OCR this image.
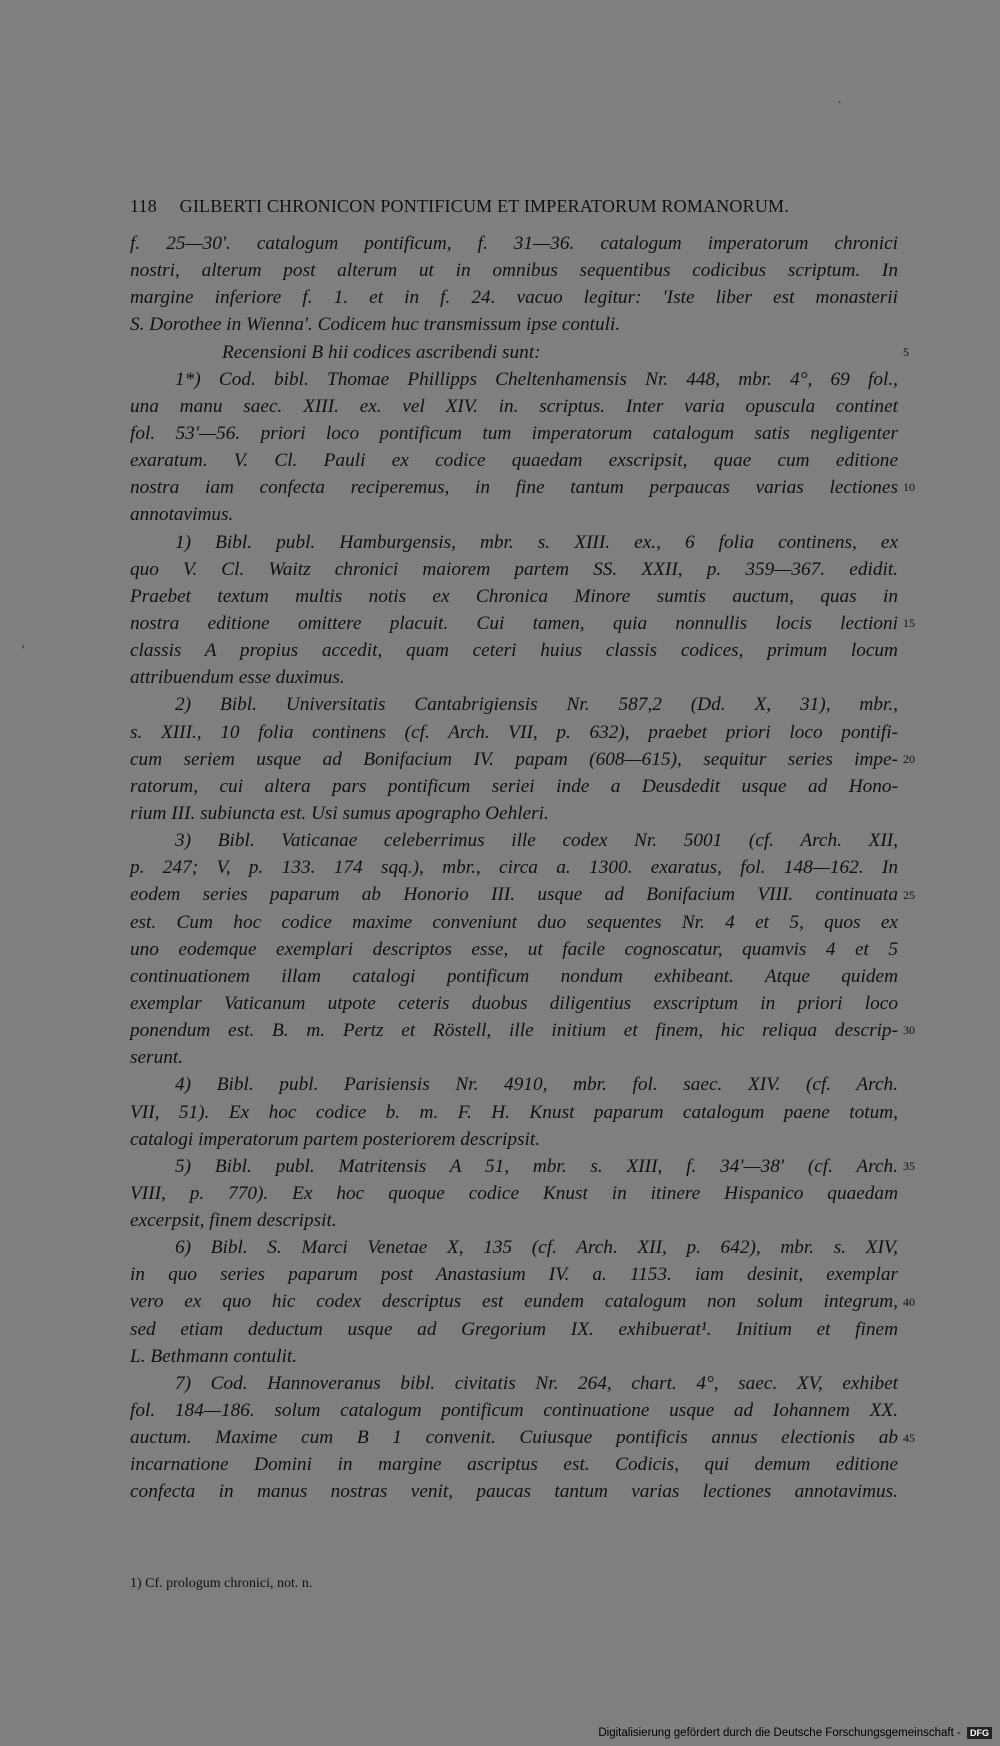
·
'
118 GILBERTI CHRONICON PONTIFICUM ET IMPERATORUM ROMANORUM.
f. 25—30'. catalogum pontificum, f. 31—36. catalogum imperatorum chronici
nostri, alterum post alterum ut in omnibus sequentibus codicibus scriptum. In
margine inferiore f. 1. et in f. 24. vacuo legitur: 'Iste liber est monasterii
S. Dorothee in Wienna'. Codicem huc transmissum ipse contuli.
Recensioni B hii codices ascribendi sunt:
1*) Cod. bibl. Thomae Phillipps Cheltenhamensis Nr. 448, mbr. 4°, 69 fol.,
una manu saec. XIII. ex. vel XIV. in. scriptus. Inter varia opuscula continet
fol. 53'—56. priori loco pontificum tum imperatorum catalogum satis negligenter
exaratum. V. Cl. Pauli ex codice quaedam exscripsit, quae cum editione
nostra iam confecta reciperemus, in fine tantum perpaucas varias lectiones
annotavimus.
1) Bibl. publ. Hamburgensis, mbr. s. XIII. ex., 6 folia continens, ex
quo V. Cl. Waitz chronici maiorem partem SS. XXII, p. 359—367. edidit.
Praebet textum multis notis ex Chronica Minore sumtis auctum, quas in
nostra editione omittere placuit. Cui tamen, quia nonnullis locis lectioni
classis A propius accedit, quam ceteri huius classis codices, primum locum
attribuendum esse duximus.
2) Bibl. Universitatis Cantabrigiensis Nr. 587,2 (Dd. X, 31), mbr.,
s. XIII., 10 folia continens (cf. Arch. VII, p. 632), praebet priori loco pontifi-
cum seriem usque ad Bonifacium IV. papam (608—615), sequitur series impe-
ratorum, cui altera pars pontificum seriei inde a Deusdedit usque ad Hono-
rium III. subiuncta est. Usi sumus apographo Oehleri.
3) Bibl. Vaticanae celeberrimus ille codex Nr. 5001 (cf. Arch. XII,
p. 247; V, p. 133. 174 sqq.), mbr., circa a. 1300. exaratus, fol. 148—162. In
eodem series paparum ab Honorio III. usque ad Bonifacium VIII. continuata
est. Cum hoc codice maxime conveniunt duo sequentes Nr. 4 et 5, quos ex
uno eodemque exemplari descriptos esse, ut facile cognoscatur, quamvis 4 et 5
continuationem illam catalogi pontificum nondum exhibeant. Atque quidem
exemplar Vaticanum utpote ceteris duobus diligentius exscriptum in priori loco
ponendum est. B. m. Pertz et Röstell, ille initium et finem, hic reliqua descrip-
serunt.
4) Bibl. publ. Parisiensis Nr. 4910, mbr. fol. saec. XIV. (cf. Arch.
VII, 51). Ex hoc codice b. m. F. H. Knust paparum catalogum paene totum,
catalogi imperatorum partem posteriorem descripsit.
5) Bibl. publ. Matritensis A 51, mbr. s. XIII, f. 34'—38' (cf. Arch.
VIII, p. 770). Ex hoc quoque codice Knust in itinere Hispanico quaedam
excerpsit, finem descripsit.
6) Bibl. S. Marci Venetae X, 135 (cf. Arch. XII, p. 642), mbr. s. XIV,
in quo series paparum post Anastasium IV. a. 1153. iam desinit, exemplar
vero ex quo hic codex descriptus est eundem catalogum non solum integrum,
sed etiam deductum usque ad Gregorium IX. exhibuerat¹. Initium et finem
L. Bethmann contulit.
7) Cod. Hannoveranus bibl. civitatis Nr. 264, chart. 4°, saec. XV, exhibet
fol. 184—186. solum catalogum pontificum continuatione usque ad Iohannem XX.
auctum. Maxime cum B 1 convenit. Cuiusque pontificis annus electionis ab
incarnatione Domini in margine ascriptus est. Codicis, qui demum editione
confecta in manus nostras venit, paucas tantum varias lectiones annotavimus.
1) Cf. prologum chronici, not. n.
Digitalisierung gefördert durch die Deutsche Forschungsgemeinschaft - DFG
5
10
15
20
25
30
35
40
45
